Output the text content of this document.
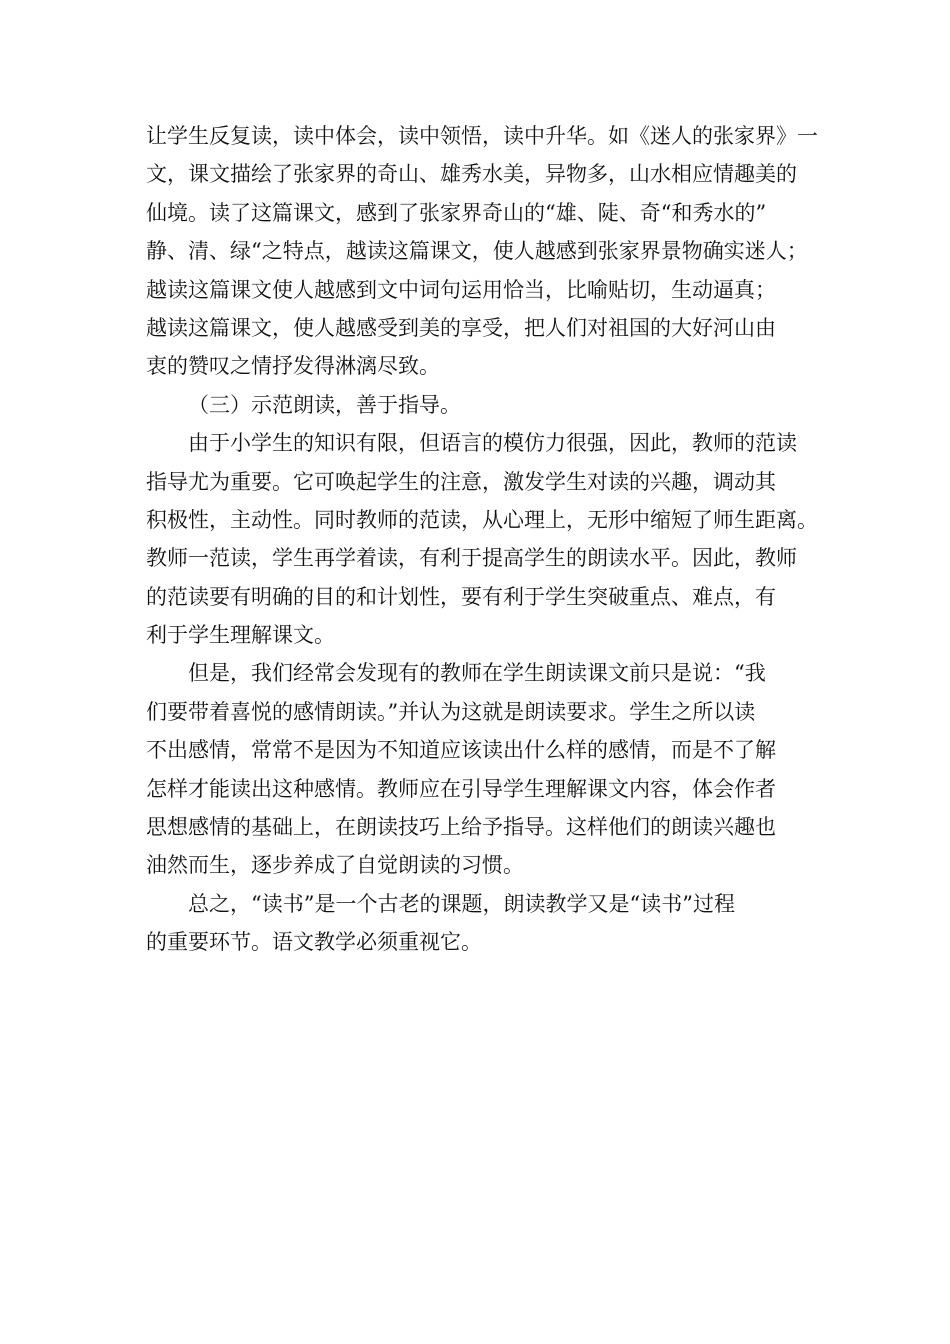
让学生反复读，读中体会，读中领悟，读中升华。如《迷人的张家界》一
文，课文描绘了张家界的奇山、雄秀水美，异物多，山水相应情趣美的
仙境。读了这篇课文，感到了张家界奇山的“雄、陡、奇“和秀水的”
静、清、绿“之特点，越读这篇课文，使人越感到张家界景物确实迷人；
越读这篇课文使人越感到文中词句运用恰当，比喻贴切，生动逼真；
越读这篇课文，使人越感受到美的享受，把人们对祖国的大好河山由
衷的赞叹之情抒发得淋漓尽致。
（三）示范朗读，善于指导。
由于小学生的知识有限，但语言的模仿力很强，因此，教师的范读
指导尤为重要。它可唤起学生的注意，激发学生对读的兴趣，调动其
积极性，主动性。同时教师的范读，从心理上，无形中缩短了师生距离。
教师一范读，学生再学着读，有利于提高学生的朗读水平。因此，教师
的范读要有明确的目的和计划性，要有利于学生突破重点、难点，有
利于学生理解课文。
但是，我们经常会发现有的教师在学生朗读课文前只是说：“我
们要带着喜悦的感情朗读。”并认为这就是朗读要求。学生之所以读
不出感情，常常不是因为不知道应该读出什么样的感情，而是不了解
怎样才能读出这种感情。教师应在引导学生理解课文内容，体会作者
思想感情的基础上，在朗读技巧上给予指导。这样他们的朗读兴趣也
油然而生，逐步养成了自觉朗读的习惯。
总之，“读书”是一个古老的课题，朗读教学又是“读书”过程
的重要环节。语文教学必须重视它。
